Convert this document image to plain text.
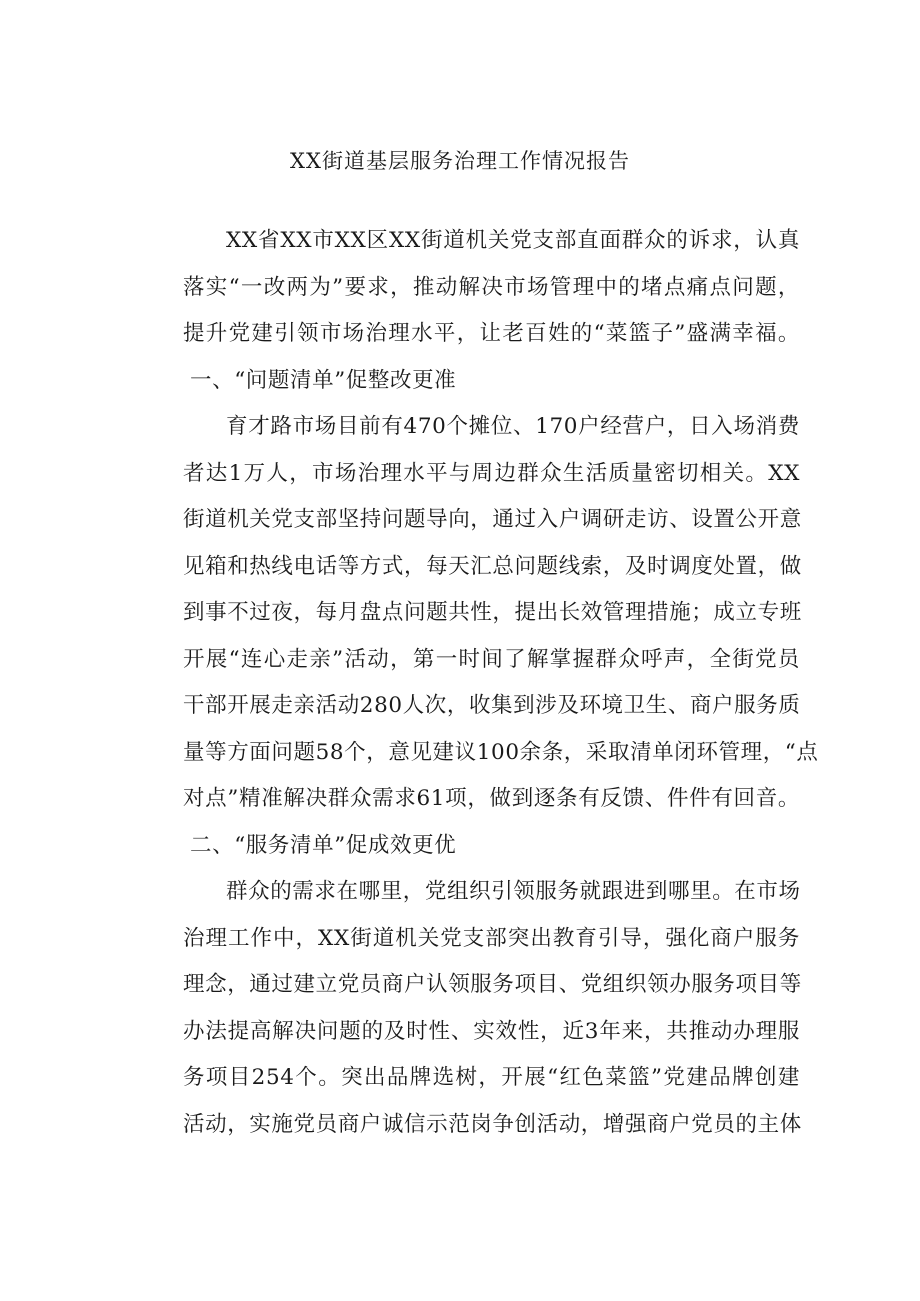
XX街道基层服务治理工作情况报告
XX省XX市XX区XX街道机关党支部直面群众的诉求，认真
落实“一改两为”要求，推动解决市场管理中的堵点痛点问题，
提升党建引领市场治理水平，让老百姓的“菜篮子”盛满幸福。
一、“问题清单”促整改更准
育才路市场目前有470个摊位、170户经营户，日入场消费
者达1万人，市场治理水平与周边群众生活质量密切相关。XX
街道机关党支部坚持问题导向，通过入户调研走访、设置公开意
见箱和热线电话等方式，每天汇总问题线索，及时调度处置，做
到事不过夜，每月盘点问题共性，提出长效管理措施；成立专班
开展“连心走亲”活动，第一时间了解掌握群众呼声，全街党员
干部开展走亲活动280人次，收集到涉及环境卫生、商户服务质
量等方面问题58个，意见建议100余条，采取清单闭环管理，“点
对点”精准解决群众需求61项，做到逐条有反馈、件件有回音。
二、“服务清单”促成效更优
群众的需求在哪里，党组织引领服务就跟进到哪里。在市场
治理工作中，XX街道机关党支部突出教育引导，强化商户服务
理念，通过建立党员商户认领服务项目、党组织领办服务项目等
办法提高解决问题的及时性、实效性，近3年来，共推动办理服
务项目254个。突出品牌选树，开展“红色菜篮”党建品牌创建
活动，实施党员商户诚信示范岗争创活动，增强商户党员的主体
